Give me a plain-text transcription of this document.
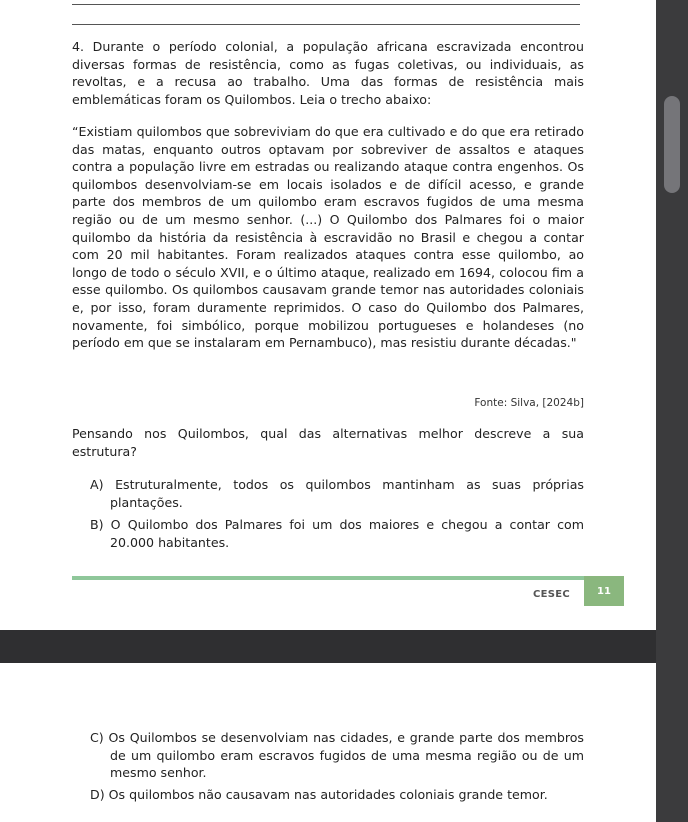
4. Durante o período colonial, a população africana escravizada encontrou diversas formas de resistência, como as fugas coletivas, ou individuais, as revoltas, e a recusa ao trabalho. Uma das formas de resistência mais emblemáticas foram os Quilombos. Leia o trecho abaixo:
“Existiam quilombos que sobreviviam do que era cultivado e do que era retirado das matas, enquanto outros optavam por sobreviver de assaltos e ataques contra a população livre em estradas ou realizando ataque contra engenhos. Os quilombos desenvolviam-se em locais isolados e de difícil acesso, e grande parte dos membros de um quilombo eram escravos fugidos de uma mesma região ou de um mesmo senhor. (...) O Quilombo dos Palmares foi o maior quilombo da história da resistência à escravidão no Brasil e chegou a contar com 20 mil habitantes. Foram realizados ataques contra esse quilombo, ao longo de todo o século XVII, e o último ataque, realizado em 1694, colocou fim a esse quilombo. Os quilombos causavam grande temor nas autoridades coloniais e, por isso, foram duramente reprimidos. O caso do Quilombo dos Palmares, novamente, foi simbólico, porque mobilizou portugueses e holandeses (no período em que se instalaram em Pernambuco), mas resistiu durante décadas."
Fonte: Silva, [2024b]
Pensando nos Quilombos, qual das alternativas melhor descreve a sua estrutura?
A) Estruturalmente, todos os quilombos mantinham as suas próprias plantações.
B) O Quilombo dos Palmares foi um dos maiores e chegou a contar com 20.000 habitantes.
CESEC	11
C) Os Quilombos se desenvolviam nas cidades, e grande parte dos membros de um quilombo eram escravos fugidos de uma mesma região ou de um mesmo senhor.
D) Os quilombos não causavam nas autoridades coloniais grande temor.
